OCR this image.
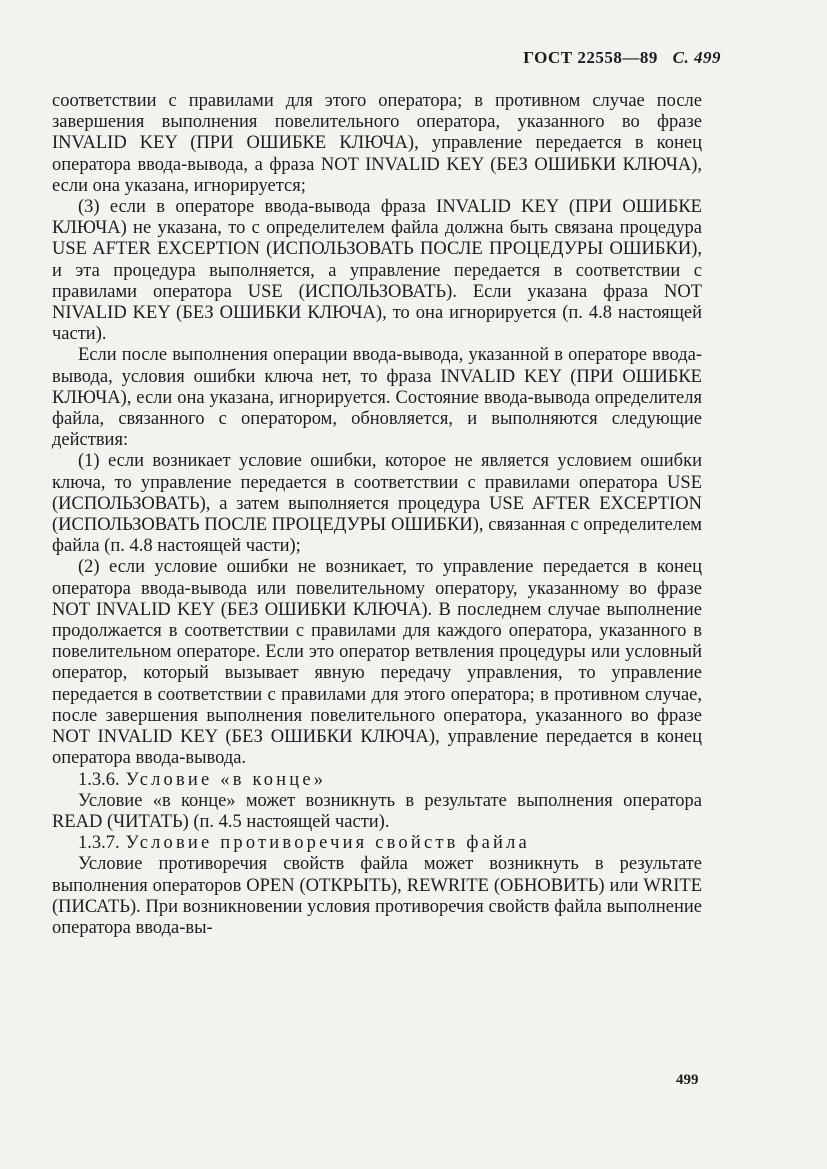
ГОСТ 22558—89 С. 499

соответствии с правилами для этого оператора; в противном случае после завершения выполнения повелительного оператора, указанного во фразе INVALID KEY (ПРИ ОШИБКЕ КЛЮЧА), управление передается в конец оператора ввода-вывода, а фраза NOT INVALID KEY (БЕЗ ОШИБКИ КЛЮЧА), если она указана, игнорируется;

(3) если в операторе ввода-вывода фраза INVALID KEY (ПРИ ОШИБКЕ КЛЮЧА) не указана, то с определителем файла должна быть связана процедура USE AFTER EXCEPTION (ИСПОЛЬЗОВАТЬ ПОСЛЕ ПРОЦЕДУРЫ ОШИБКИ), и эта процедура выполняется, а управление передается в соответствии с правилами оператора USE (ИСПОЛЬЗОВАТЬ). Если указана фраза NOT NIVALID KEY (БЕЗ ОШИБКИ КЛЮЧА), то она игнорируется (п. 4.8 настоящей части).

Если после выполнения операции ввода-вывода, указанной в операторе ввода-вывода, условия ошибки ключа нет, то фраза INVALID KEY (ПРИ ОШИБКЕ КЛЮЧА), если она указана, игнорируется. Состояние ввода-вывода определителя файла, связанного с оператором, обновляется, и выполняются следующие действия:

(1) если возникает условие ошибки, которое не является условием ошибки ключа, то управление передается в соответствии с правилами оператора USE (ИСПОЛЬЗОВАТЬ), а затем выполняется процедура USE AFTER EXCEPTION (ИСПОЛЬЗОВАТЬ ПОСЛЕ ПРОЦЕДУРЫ ОШИБКИ), связанная с определителем файла (п. 4.8 настоящей части);

(2) если условие ошибки не возникает, то управление передается в конец оператора ввода-вывода или повелительному оператору, указанному во фразе NOT INVALID KEY (БЕЗ ОШИБКИ КЛЮЧА). В последнем случае выполнение продолжается в соответствии с правилами для каждого оператора, указанного в повелительном операторе. Если это оператор ветвления процедуры или условный оператор, который вызывает явную передачу управления, то управление передается в соответствии с правилами для этого оператора; в противном случае, после завершения выполнения повелительного оператора, указанного во фразе NOT INVALID KEY (БЕЗ ОШИБКИ КЛЮЧА), управление передается в конец оператора ввода-вывода.

1.3.6. Условие «в конце»

Условие «в конце» может возникнуть в результате выполнения оператора READ (ЧИТАТЬ) (п. 4.5 настоящей части).

1.3.7. Условие противоречия свойств файла

Условие противоречия свойств файла может возникнуть в результате выполнения операторов OPEN (ОТКРЫТЬ), REWRITE (ОБНОВИТЬ) или WRITE (ПИСАТЬ). При возникновении условия противоречия свойств файла выполнение оператора ввода-вы-

499
